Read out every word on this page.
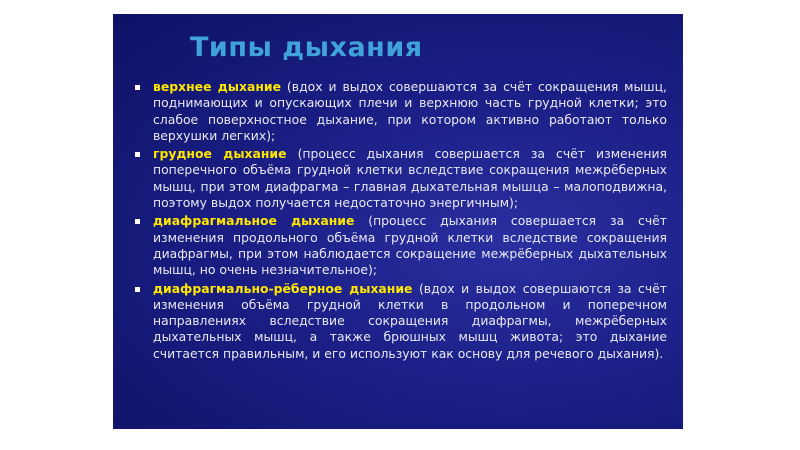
Типы дыхания
верхнее дыхание (вдох и выдох совершаются за счёт сокращения мышц, поднимающих и опускающих плечи и верхнюю часть грудной клетки; это слабое поверхностное дыхание, при котором активно работают только верхушки легких);
грудное дыхание (процесс дыхания совершается за счёт изменения поперечного объёма грудной клетки вследствие сокращения межрёберных мышц, при этом диафрагма – главная дыхательная мышца – малоподвижна, поэтому выдох получается недостаточно энергичным);
диафрагмальное дыхание (процесс дыхания совершается за счёт изменения продольного объёма грудной клетки вследствие сокращения диафрагмы, при этом наблюдается сокращение межрёберных дыхательных мышц, но очень незначительное);
диафрагмально-рёберное дыхание (вдох и выдох совершаются за счёт изменения объёма грудной клетки в продольном и поперечном направлениях вследствие сокращения диафрагмы, межрёберных дыхательных мышц, а также брюшных мышц живота; это дыхание считается правильным, и его используют как основу для речевого дыхания).
